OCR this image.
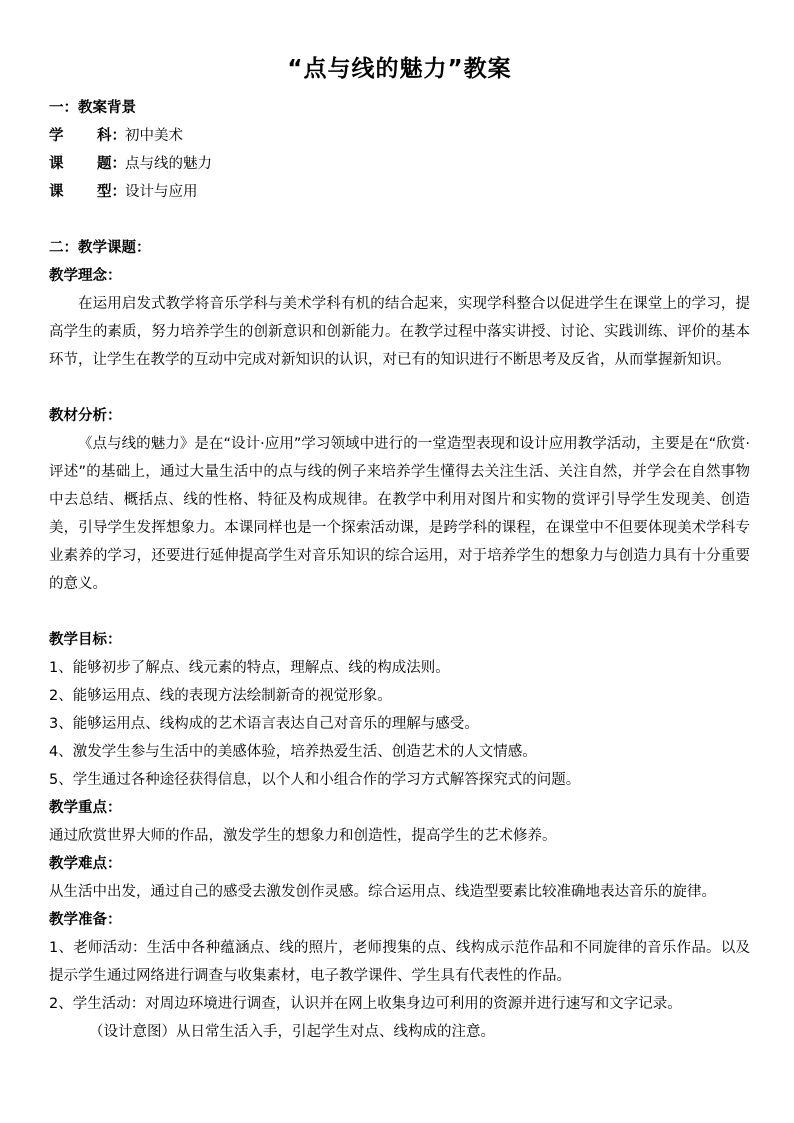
“点与线的魅力”教案
一：教案背景
学 科：初中美术
课 题：点与线的魅力
课 型：设计与应用
二：教学课题：
教学理念：
在运用启发式教学将音乐学科与美术学科有机的结合起来，实现学科整合以促进学生在课堂上的学习，提高学生的素质，努力培养学生的创新意识和创新能力。在教学过程中落实讲授、讨论、实践训练、评价的基本环节，让学生在教学的互动中完成对新知识的认识，对已有的知识进行不断思考及反省，从而掌握新知识。
教材分析：
《点与线的魅力》是在“设计·应用”学习领域中进行的一堂造型表现和设计应用教学活动，主要是在“欣赏·评述”的基础上，通过大量生活中的点与线的例子来培养学生懂得去关注生活、关注自然，并学会在自然事物中去总结、概括点、线的性格、特征及构成规律。在教学中利用对图片和实物的赏评引导学生发现美、创造美，引导学生发挥想象力。本课同样也是一个探索活动课，是跨学科的课程，在课堂中不但要体现美术学科专业素养的学习，还要进行延伸提高学生对音乐知识的综合运用，对于培养学生的想象力与创造力具有十分重要的意义。
教学目标：
1、能够初步了解点、线元素的特点，理解点、线的构成法则。
2、能够运用点、线的表现方法绘制新奇的视觉形象。
3、能够运用点、线构成的艺术语言表达自己对音乐的理解与感受。
4、激发学生参与生活中的美感体验，培养热爱生活、创造艺术的人文情感。
5、学生通过各种途径获得信息，以个人和小组合作的学习方式解答探究式的问题。
教学重点：
通过欣赏世界大师的作品，激发学生的想象力和创造性，提高学生的艺术修养。
教学难点：
从生活中出发，通过自己的感受去激发创作灵感。综合运用点、线造型要素比较准确地表达音乐的旋律。
教学准备：
1、老师活动：生活中各种蕴涵点、线的照片，老师搜集的点、线构成示范作品和不同旋律的音乐作品。以及提示学生通过网络进行调查与收集素材，电子教学课件、学生具有代表性的作品。
2、学生活动：对周边环境进行调查，认识并在网上收集身边可利用的资源并进行速写和文字记录。
（设计意图）从日常生活入手，引起学生对点、线构成的注意。
